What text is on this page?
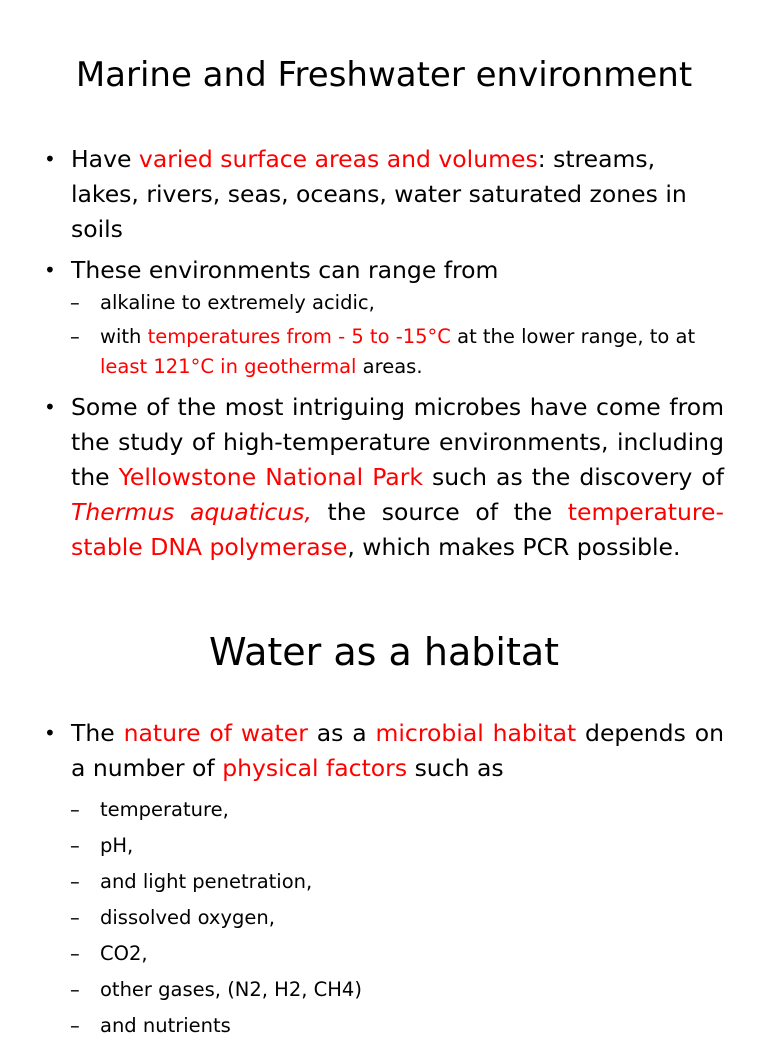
Marine and Freshwater environment
• Have varied surface areas and volumes: streams, lakes, rivers, seas, oceans, water saturated zones in soils
• These environments can range from
– alkaline to extremely acidic,
– with temperatures from - 5 to -15°C at the lower range, to at least 121°C in geothermal areas.
• Some of the most intriguing microbes have come from the study of high-temperature environments, including the Yellowstone National Park such as the discovery of Thermus aquaticus, the source of the temperature-stable DNA polymerase, which makes PCR possible.
Water as a habitat
• The nature of water as a microbial habitat depends on a number of physical factors such as
– temperature,
– pH,
– and light penetration,
– dissolved oxygen,
– CO2,
– other gases, (N2, H2, CH4)
– and nutrients
